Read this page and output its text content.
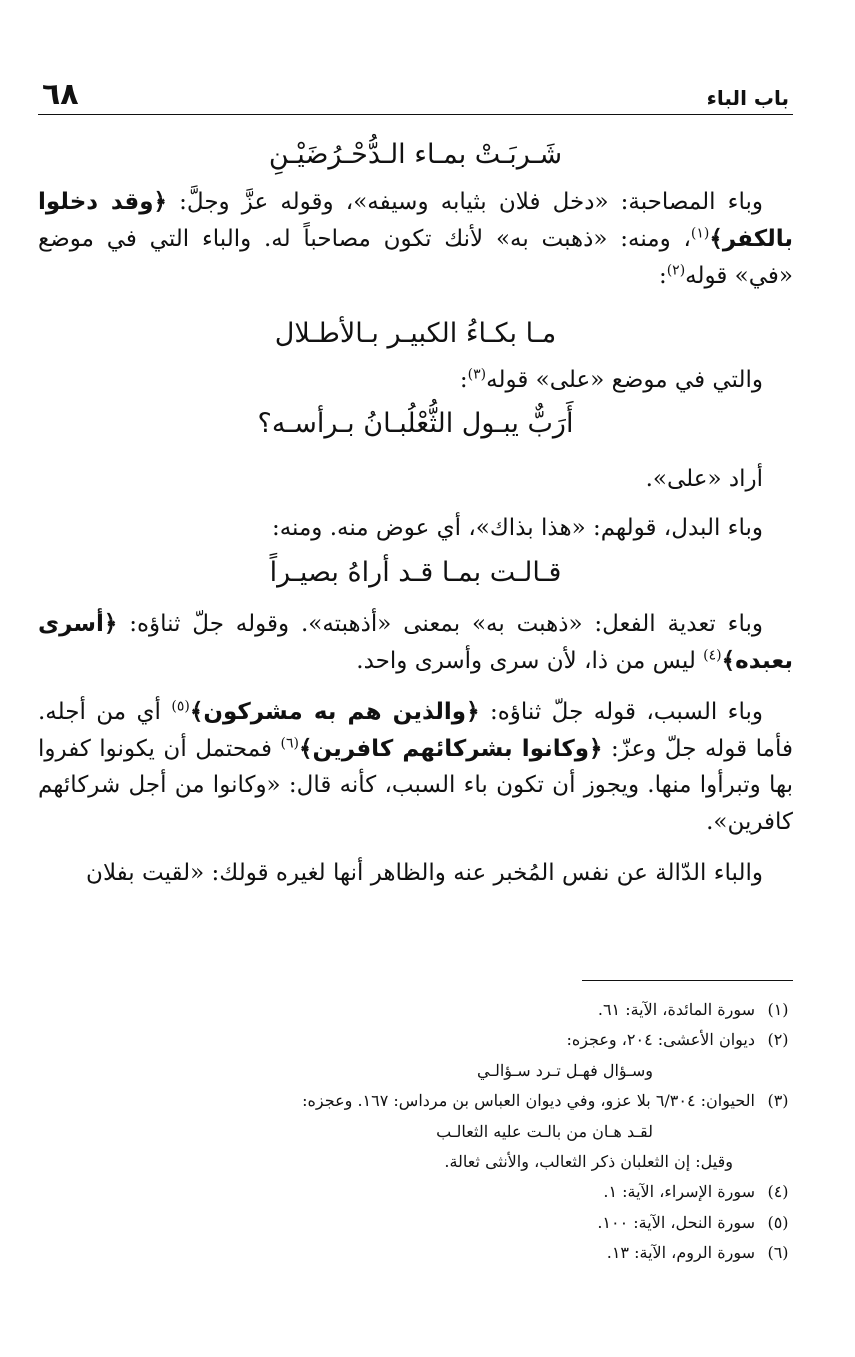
باب الباء
٦٨

شَـربَـتْ بمـاء الـدُّحْـرُضَيْـنِ

وباء المصاحبة: «دخل فلان بثيابه وسيفه»، وقوله عزَّ وجلَّ: ﴿وقد دخلوا بالكفر﴾$^{(١)}$، ومنه: «ذهبت به» لأنك تكون مصاحباً له. والباء التي في موضع «في» قوله$^{(٢)}$:

مـا بكـاءُ الكبيـر بـالأطـلال

والتي في موضع «على» قوله$^{(٣)}$:

أَرَبٌّ يبـول الثُّعْلُبـانُ بـرأسـه؟

أراد «على».

وباء البدل، قولهم: «هذا بذاك»، أي عوض منه. ومنه:

قـالـت بمـا قـد أراهُ بصيـراً

وباء تعدية الفعل: «ذهبت به» بمعنى «أذهبته». وقوله جلّ ثناؤه: ﴿أسرى بعبده﴾$^{(٤)}$ ليس من ذا، لأن سرى وأسرى واحد.

وباء السبب، قوله جلّ ثناؤه: ﴿والذين هم به مشركون﴾$^{(٥)}$ أي من أجله. فأما قوله جلّ وعزّ: ﴿وكانوا بشركائهم كافرين﴾$^{(٦)}$ فمحتمل أن يكونوا كفروا بها وتبرأوا منها. ويجوز أن تكون باء السبب، كأنه قال: «وكانوا من أجل شركائهم كافرين».

والباء الدّالة عن نفس المُخبر عنه والظاهر أنها لغيره قولك: «لقيت بفلان

(١)
سورة المائدة، الآية: ٦١.
(٢)
ديوان الأعشى: ٢٠٤، وعجزه:
وسـؤال فهـل تـرد سـؤالـي
(٣)
الحيوان: ٦/٣٠٤ بلا عزو، وفي ديوان العباس بن مرداس: ١٦٧. وعجزه:
لقـد هـان من بالـت عليه الثعالـب
وقيل: إن الثعلبان ذكر الثعالب، والأنثى ثعالة.
(٤)
سورة الإسراء، الآية: ١.
(٥)
سورة النحل، الآية: ١٠٠.
(٦)
سورة الروم، الآية: ١٣.
